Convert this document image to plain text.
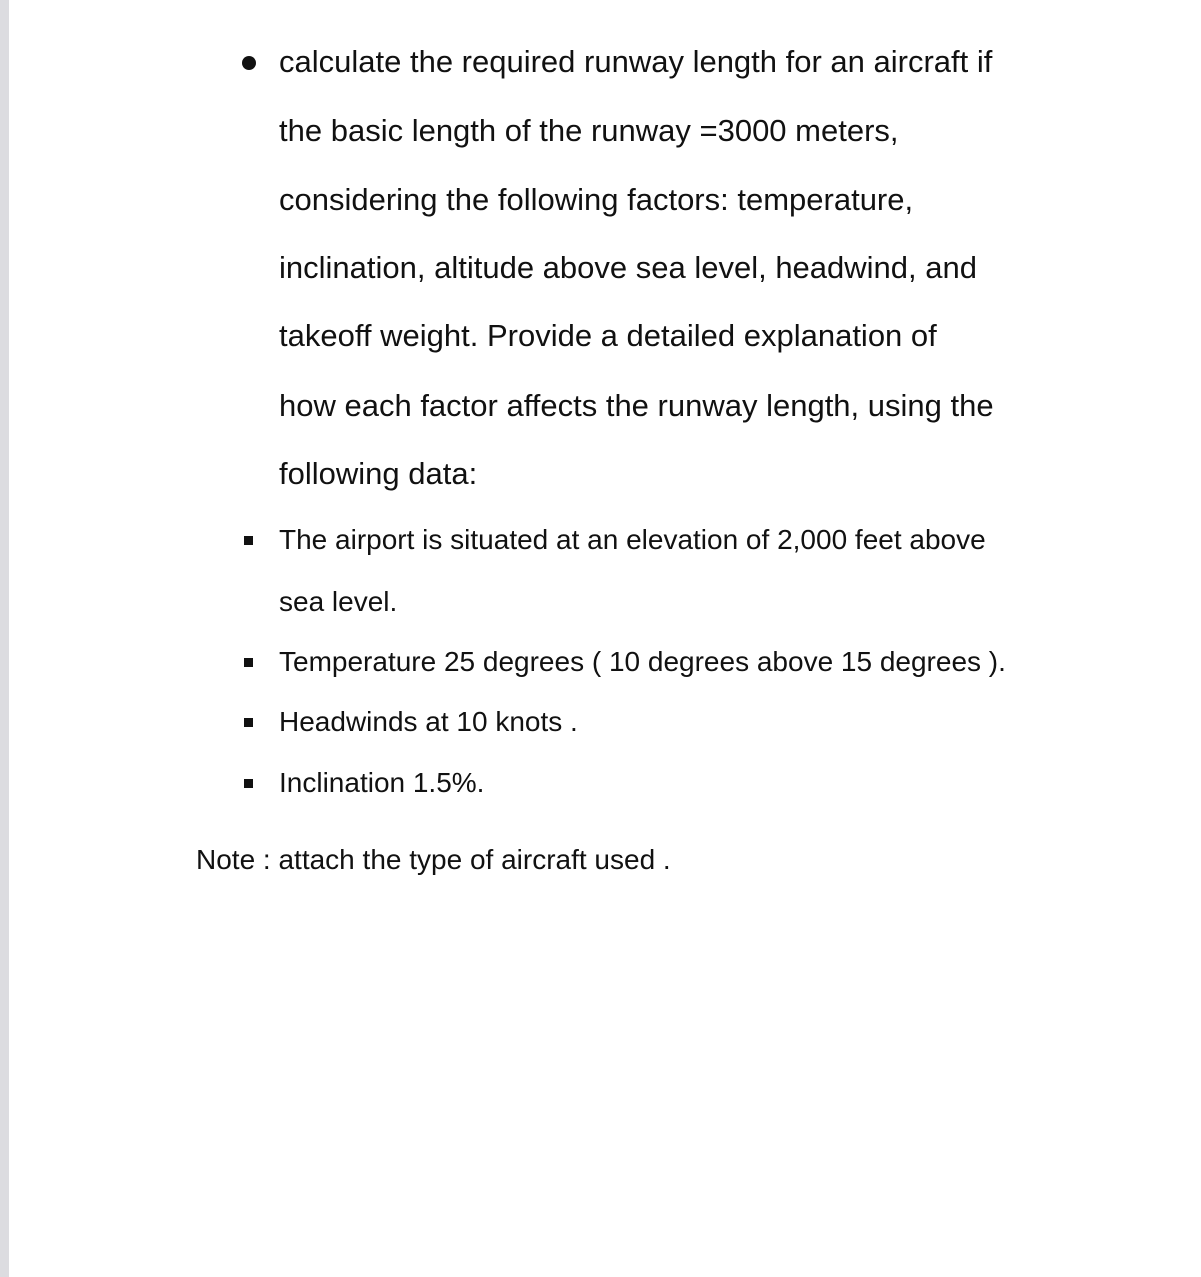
calculate the required runway length for an aircraft if
the basic length of the runway =3000 meters,
considering the following factors: temperature,
inclination, altitude above sea level, headwind, and
takeoff weight. Provide a detailed explanation of
how each factor affects the runway length, using the
following data:
The airport is situated at an elevation of 2,000 feet above
sea level.
Temperature 25 degrees ( 10 degrees above 15 degrees ).
Headwinds at 10 knots .
Inclination 1.5%.
Note : attach the type of aircraft used .
